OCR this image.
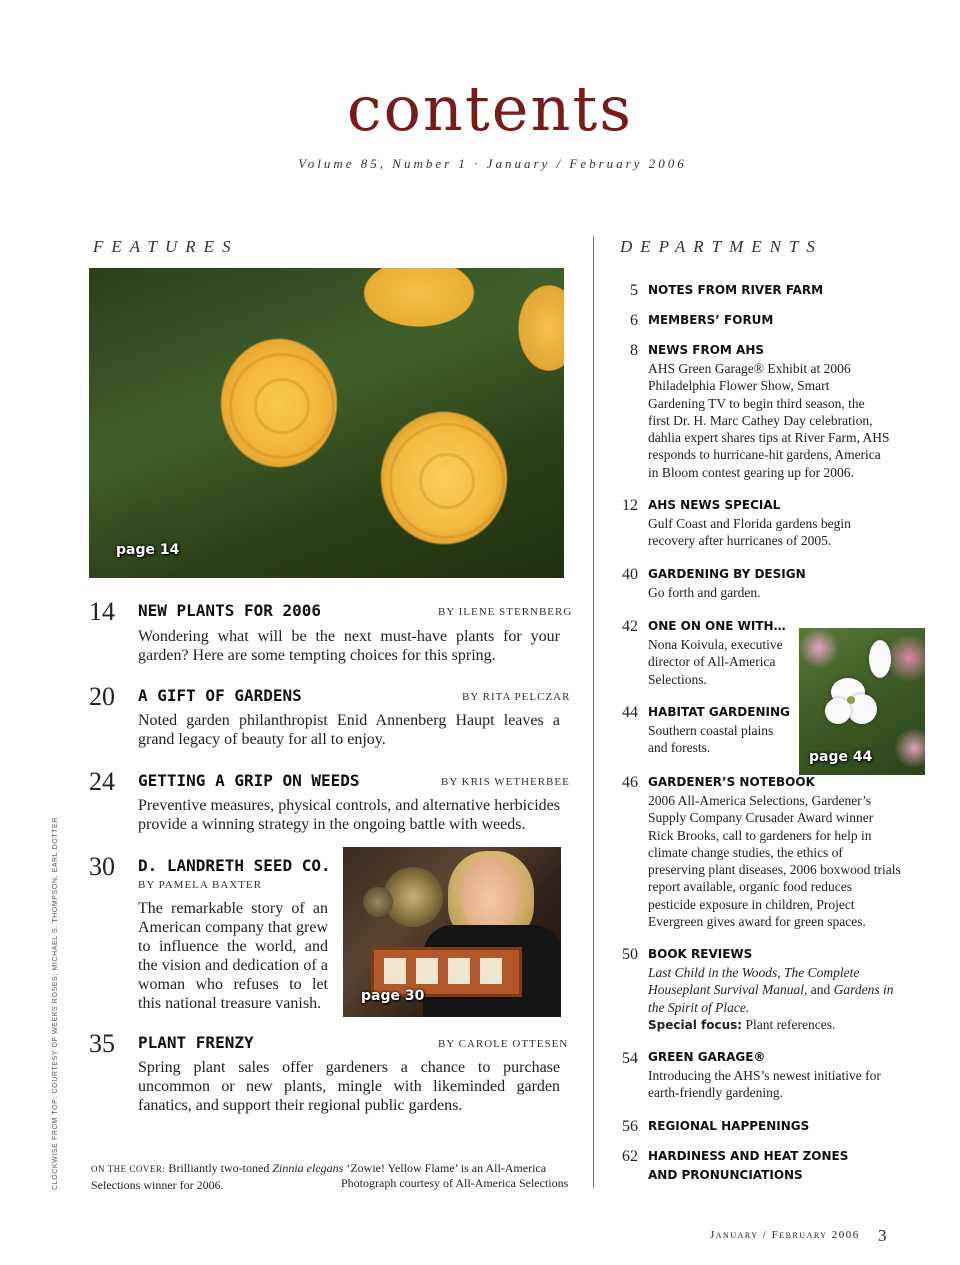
contents
Volume 85, Number 1 · January / February 2006
FEATURES	DEPARTMENTS
page 14
14 NEW PLANTS FOR 2006	BY ILENE STERNBERG
Wondering what will be the next must-have plants for your garden? Here are some tempting choices for this spring.
20 A GIFT OF GARDENS	BY RITA PELCZAR
Noted garden philanthropist Enid Annenberg Haupt leaves a grand legacy of beauty for all to enjoy.
24 GETTING A GRIP ON WEEDS	BY KRIS WETHERBEE
Preventive measures, physical controls, and alternative herbicides provide a winning strategy in the ongoing battle with weeds.
30 D. LANDRETH SEED CO.
BY PAMELA BAXTER
The remarkable story of an American company that grew to influence the world, and the vision and dedication of a woman who refuses to let this national treasure vanish.	page 30
35 PLANT FRENZY	BY CAROLE OTTESEN
Spring plant sales offer gardeners a chance to purchase uncommon or new plants, mingle with likeminded garden fanatics, and support their regional public gardens.
ON THE COVER: Brilliantly two-toned Zinnia elegans ‘Zowie! Yellow Flame’ is an All-America Selections winner for 2006.	Photograph courtesy of All-America Selections
CLOCKWISE FROM TOP: COURTESY OF WEEKS ROSES; MICHAEL S. THOMPSON; EARL DOTTER
5 NOTES FROM RIVER FARM
6 MEMBERS’ FORUM
8 NEWS FROM AHS
AHS Green Garage® Exhibit at 2006
Philadelphia Flower Show, Smart
Gardening TV to begin third season, the
first Dr. H. Marc Cathey Day celebration,
dahlia expert shares tips at River Farm, AHS
responds to hurricane-hit gardens, America
in Bloom contest gearing up for 2006.
12 AHS NEWS SPECIAL
Gulf Coast and Florida gardens begin
recovery after hurricanes of 2005.
40 GARDENING BY DESIGN
Go forth and garden.
42 ONE ON ONE WITH…
Nona Koivula, executive
director of All-America
Selections.
44 HABITAT GARDENING
Southern coastal plains
and forests.
page 44
46 GARDENER’S NOTEBOOK
2006 All-America Selections, Gardener’s
Supply Company Crusader Award winner
Rick Brooks, call to gardeners for help in
climate change studies, the ethics of
preserving plant diseases, 2006 boxwood trials
report available, organic food reduces
pesticide exposure in children, Project
Evergreen gives award for green spaces.
50 BOOK REVIEWS
Last Child in the Woods, The Complete
Houseplant Survival Manual, and Gardens in
the Spirit of Place.
Special focus: Plant references.
54 GREEN GARAGE®
Introducing the AHS’s newest initiative for
earth-friendly gardening.
56 REGIONAL HAPPENINGS
62 HARDINESS AND HEAT ZONES
AND PRONUNCIATIONS
January / February 2006 3
